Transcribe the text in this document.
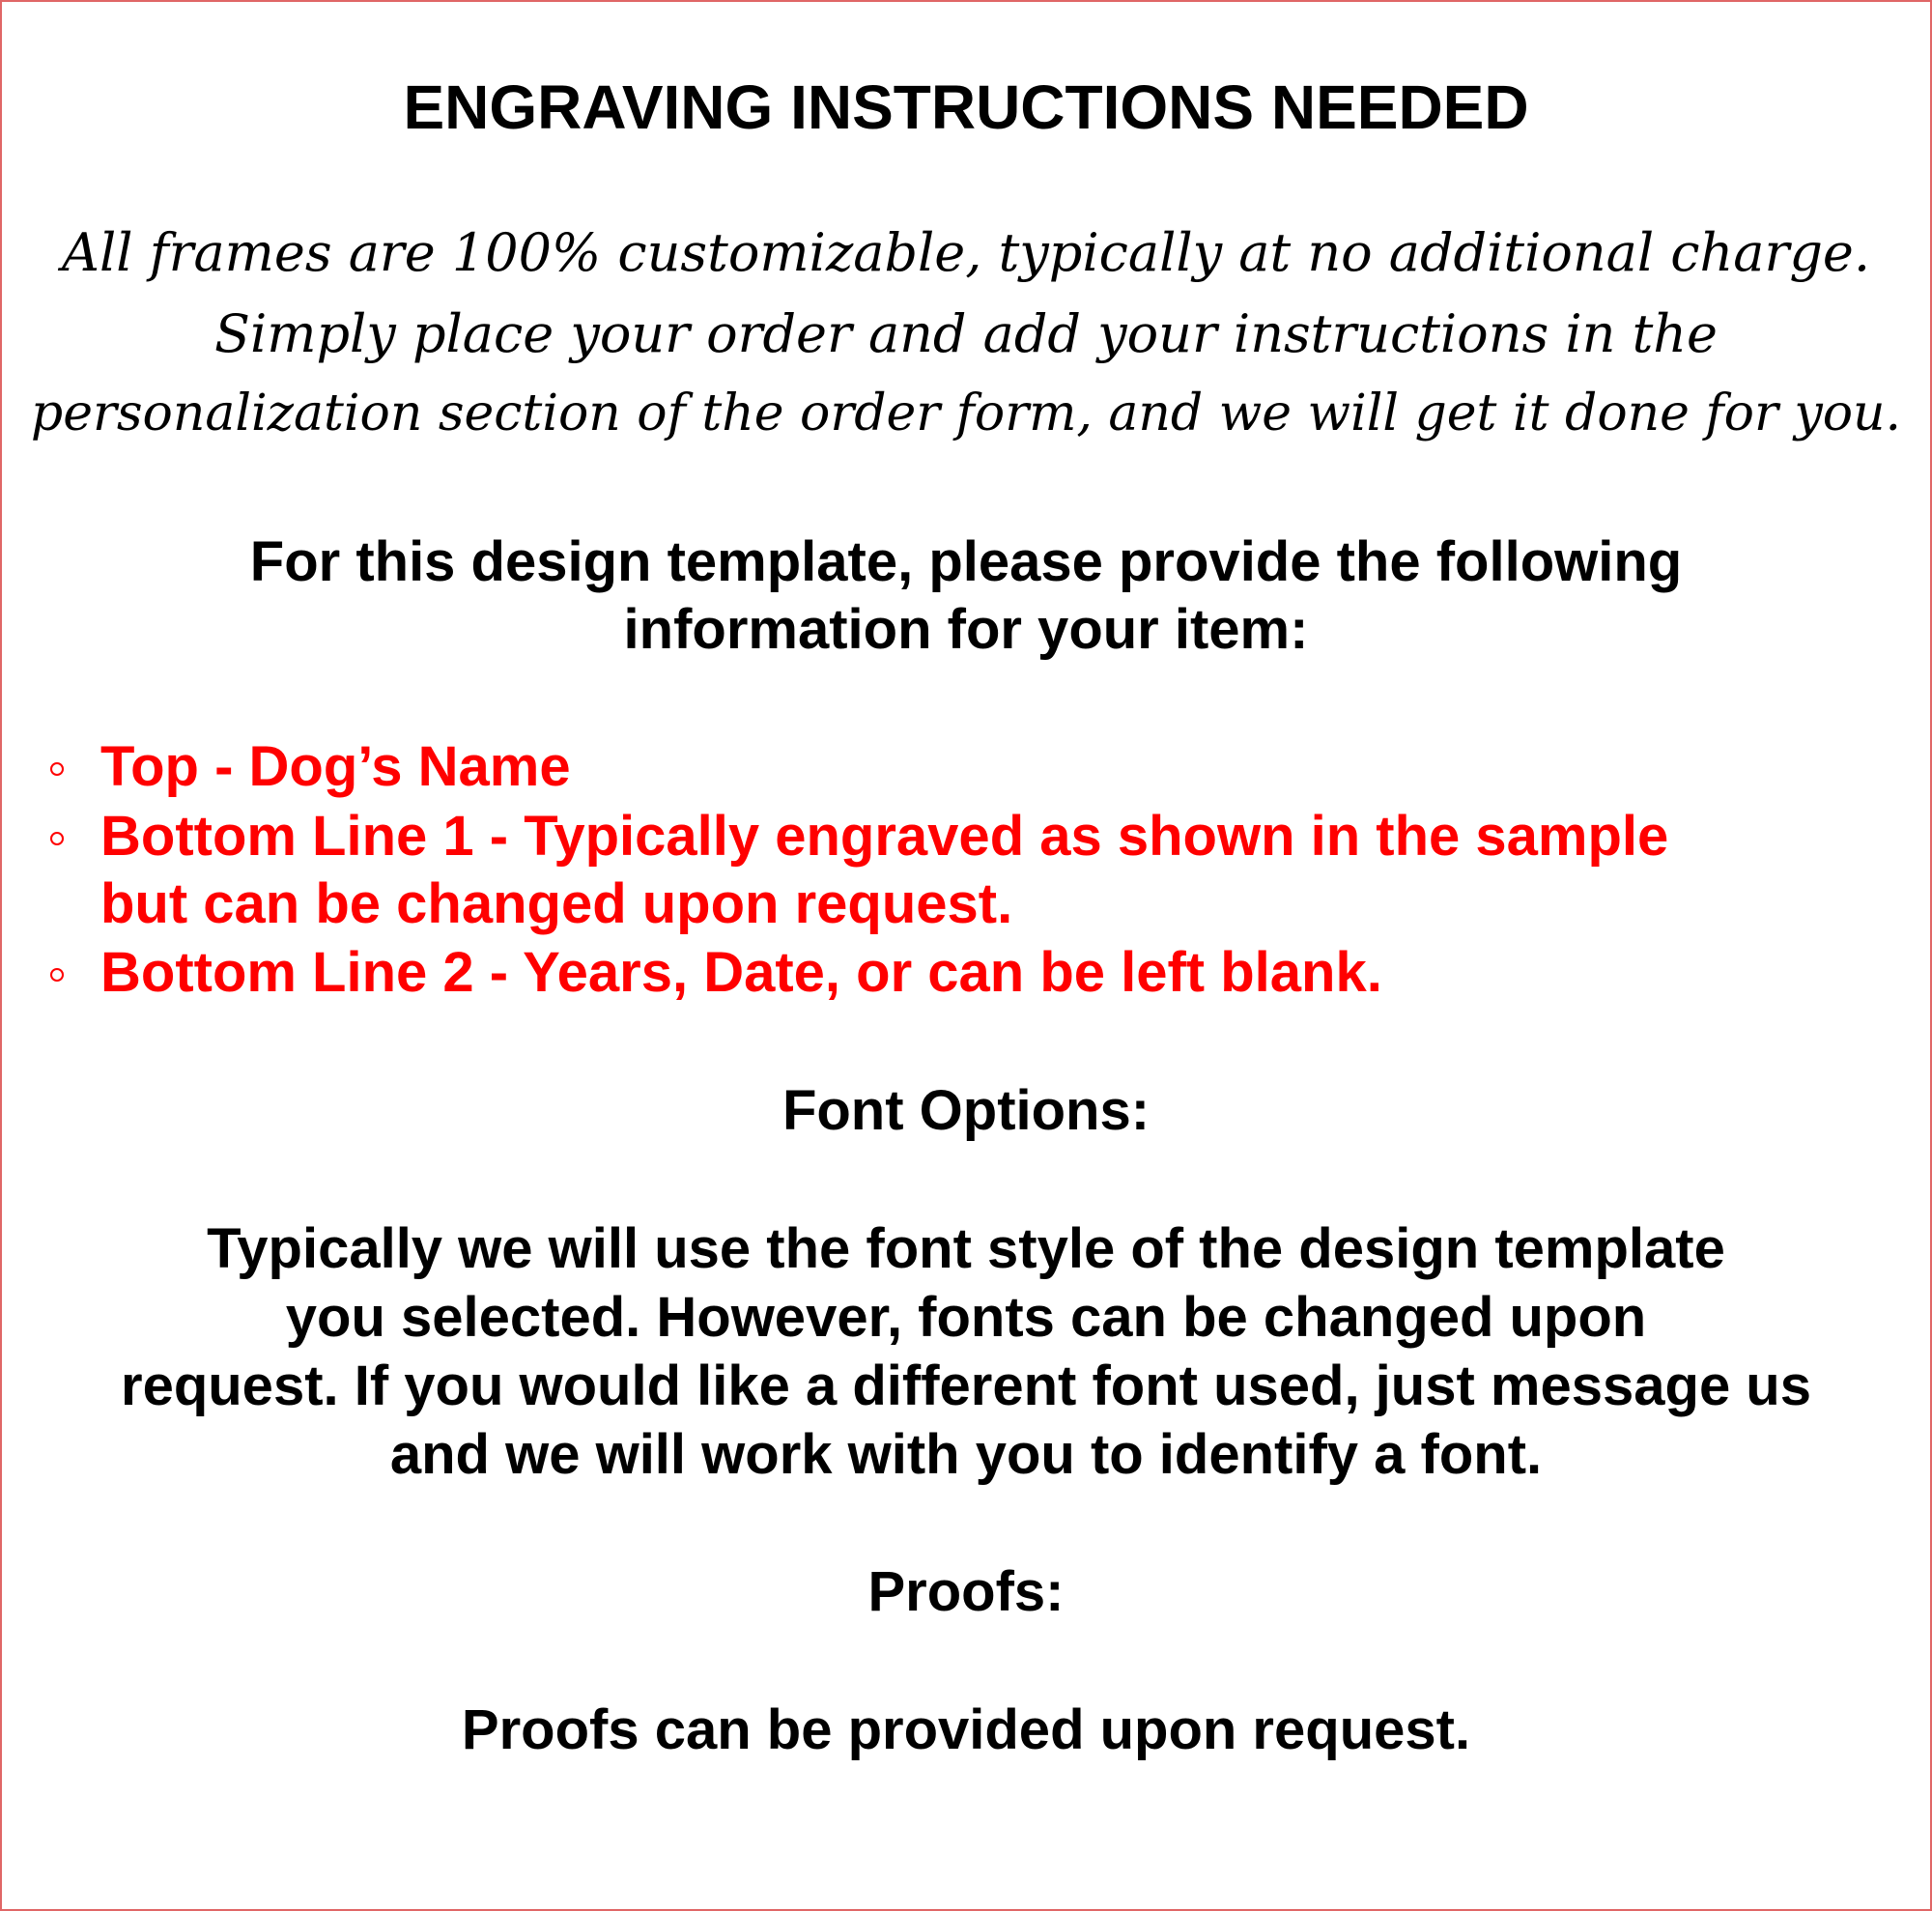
ENGRAVING INSTRUCTIONS NEEDED
All frames are 100% customizable, typically at no additional charge.
Simply place your order and add your instructions in the
personalization section of the order form, and we will get it done for you.
For this design template, please provide the following
information for your item:
Top - Dog’s Name
Bottom Line 1 - Typically engraved as shown in the sample
but can be changed upon request.
Bottom Line 2 - Years, Date, or can be left blank.
Font Options:
Typically we will use the font style of the design template
you selected. However, fonts can be changed upon
request. If you would like a different font used, just message us
and we will work with you to identify a font.
Proofs:
Proofs can be provided upon request.
